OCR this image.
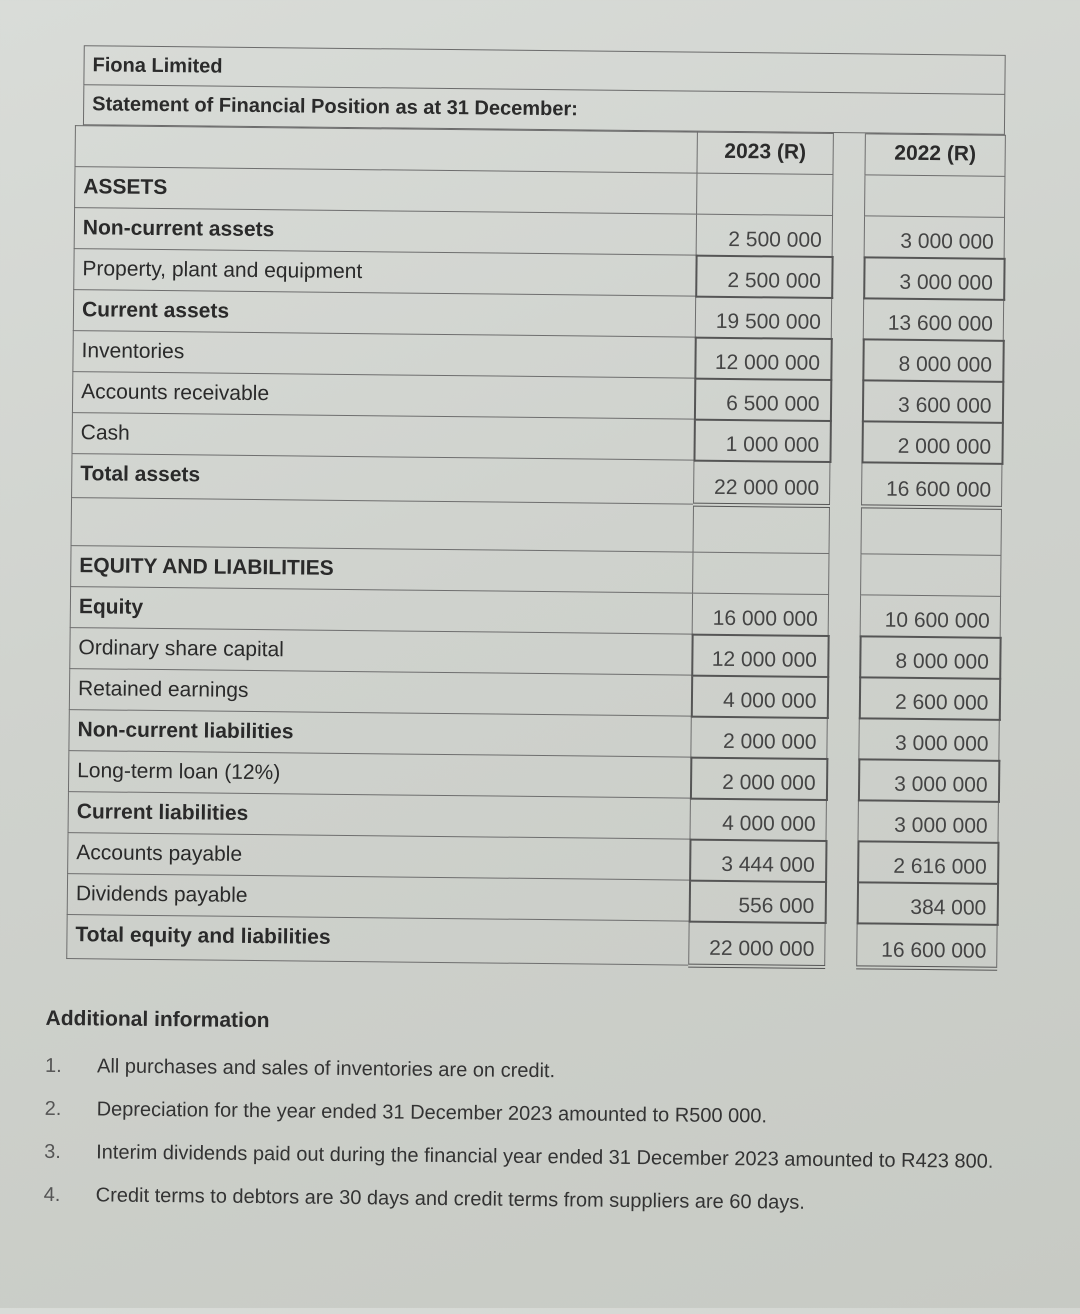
Fiona Limited
Statement of Financial Position as at 31 December:
	2023 (R)		2022 (R)
ASSETS			
Non-current assets	2 500 000		3 000 000
Property, plant and equipment	2 500 000		3 000 000
Current assets	19 500 000		13 600 000
Inventories	12 000 000		8 000 000
Accounts receivable	6 500 000		3 600 000
Cash	1 000 000		2 000 000
Total assets	22 000 000		16 600 000

EQUITY AND LIABILITIES			
Equity	16 000 000		10 600 000
Ordinary share capital	12 000 000		8 000 000
Retained earnings	4 000 000		2 600 000
Non-current liabilities	2 000 000		3 000 000
Long-term loan (12%)	2 000 000		3 000 000
Current liabilities	4 000 000		3 000 000
Accounts payable	3 444 000		2 616 000
Dividends payable	556 000		384 000
Total equity and liabilities	22 000 000		16 600 000
Additional information
1.	All purchases and sales of inventories are on credit.
2.	Depreciation for the year ended 31 December 2023 amounted to R500 000.
3.	Interim dividends paid out during the financial year ended 31 December 2023 amounted to R423 800.
4.	Credit terms to debtors are 30 days and credit terms from suppliers are 60 days.
